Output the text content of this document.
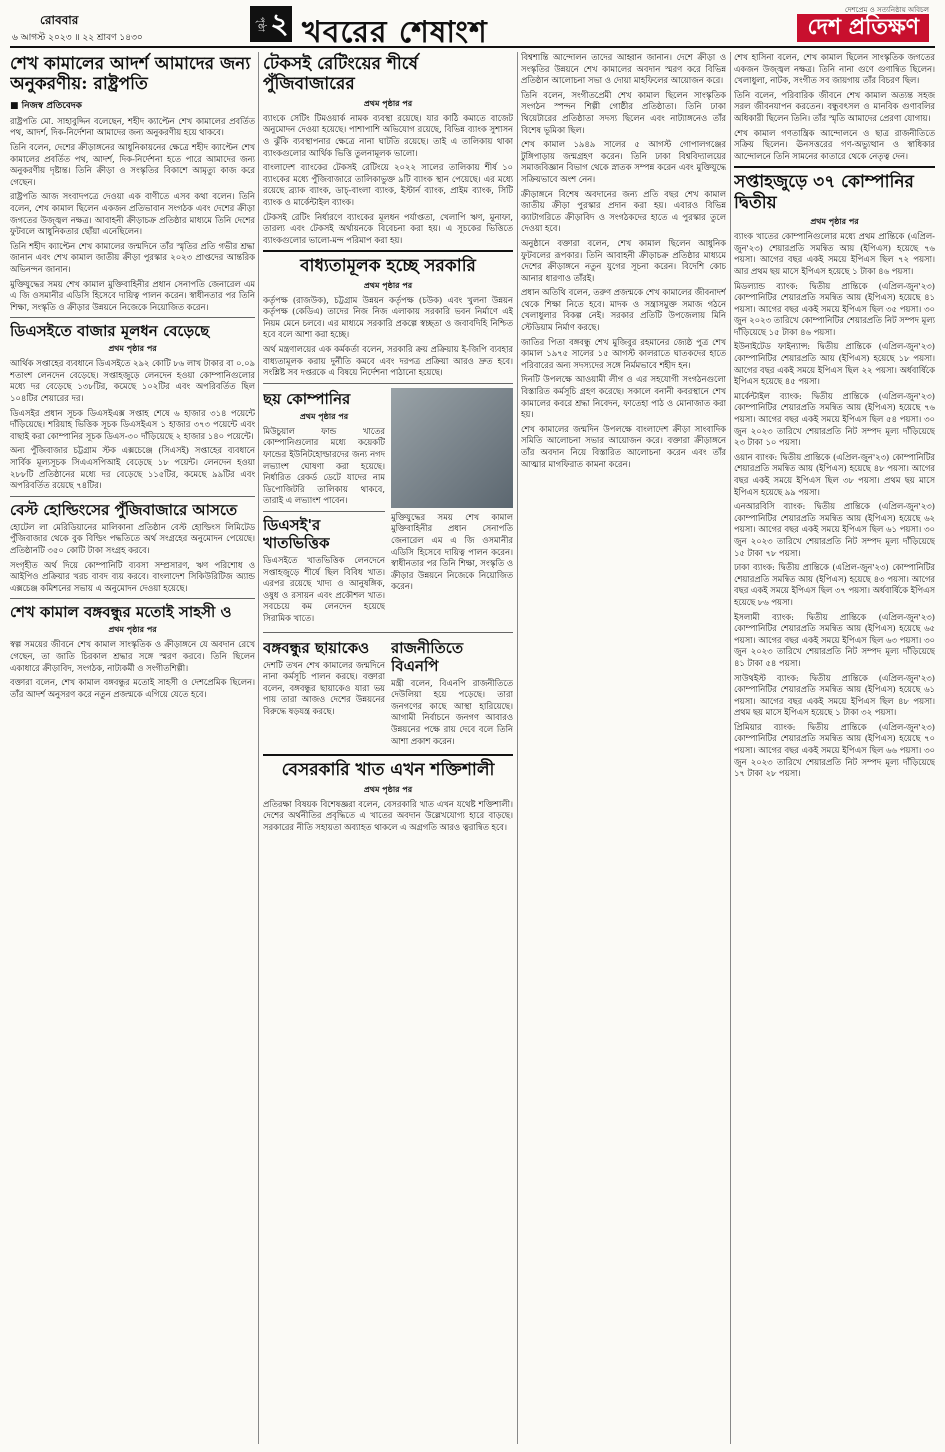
রোববার
৬ আগস্ট ২০২৩ ॥ ২২ শ্রাবণ ১৪৩০
পৃষ্ঠা ২ খবরের শেষাংশ
দেশপ্রেম ও সত্যনিষ্ঠায় অবিচল
দেশ প্রতিক্ষণ
শেখ কামালের আদর্শ আমাদের জন্য অনুকরণীয়: রাষ্ট্রপতি
■ নিজস্ব প্রতিবেদক

রাষ্ট্রপতি মো. সাহাবুদ্দিন বলেছেন, শহীদ ক্যাপ্টেন শেখ কামালের প্রবর্তিত পথ, আদর্শ, দিক-নির্দেশনা আমাদের জন্য অনুকরণীয় হয়ে থাকবে।

তিনি বলেন, দেশের ক্রীড়াঙ্গনের আধুনিকায়নের ক্ষেত্রে শহীদ ক্যাপ্টেন শেখ কামালের প্রবর্তিত পথ, আদর্শ, দিক-নির্দেশনা হতে পারে আমাদের জন্য অনুকরণীয় দৃষ্টান্ত। তিনি ক্রীড়া ও সংস্কৃতির বিকাশে আমৃত্যু কাজ করে গেছেন।

রাষ্ট্রপতি আজ সংবাদপত্রে দেওয়া এক বাণীতে এসব কথা বলেন। তিনি বলেন, শেখ কামাল ছিলেন একজন প্রতিভাবান সংগঠক এবং দেশের ক্রীড়া জগতের উজ্জ্বল নক্ষত্র। আবাহনী ক্রীড়াচক্র প্রতিষ্ঠার মাধ্যমে তিনি দেশের ফুটবলে আধুনিকতার ছোঁয়া এনেছিলেন।

তিনি শহীদ ক্যাপ্টেন শেখ কামালের জন্মদিনে তাঁর স্মৃতির প্রতি গভীর শ্রদ্ধা জানান এবং শেখ কামাল জাতীয় ক্রীড়া পুরস্কার ২০২৩ প্রাপ্তদের আন্তরিক অভিনন্দন জানান।

মুক্তিযুদ্ধের সময় শেখ কামাল মুক্তিবাহিনীর প্রধান সেনাপতি জেনারেল এম এ জি ওসমানীর এডিসি হিসেবে দায়িত্ব পালন করেন। স্বাধীনতার পর তিনি শিক্ষা, সংস্কৃতি ও ক্রীড়ার উন্নয়নে নিজেকে নিয়োজিত করেন।

ডিএসইতে বাজার মূলধন বেড়েছে
প্রথম পৃষ্ঠার পর

আর্থিক সপ্তাহের ব্যবধানে ডিএসইতে ২৯২ কোটি ৮৬ লাখ টাকার বা ০.০৯ শতাংশ লেনদেন বেড়েছে। সপ্তাহজুড়ে লেনদেন হওয়া কোম্পানিগুলোর মধ্যে দর বেড়েছে ১৩৮টির, কমেছে ১০২টির এবং অপরিবর্তিত ছিল ১০৪টির শেয়ারের দর।

ডিএসইর প্রধান সূচক ডিএসইএক্স সপ্তাহ শেষে ৬ হাজার ৩১৪ পয়েন্টে দাঁড়িয়েছে। শরিয়াহ ভিত্তিক সূচক ডিএসইএস ১ হাজার ৩৭৩ পয়েন্টে এবং বাছাই করা কোম্পানির সূচক ডিএস-৩০ দাঁড়িয়েছে ২ হাজার ১৪০ পয়েন্টে।

অন্য পুঁজিবাজার চট্টগ্রাম স্টক এক্সচেঞ্জে (সিএসই) সপ্তাহের ব্যবধানে সার্বিক মূল্যসূচক সিএএসপিআই বেড়েছে ১৮ পয়েন্ট। লেনদেন হওয়া ২৮৮টি প্রতিষ্ঠানের মধ্যে দর বেড়েছে ১১৫টির, কমেছে ৯৯টির এবং অপরিবর্তিত রয়েছে ৭৪টির।

বেস্ট হোল্ডিংসের পুঁজিবাজারে আসতে

হোটেল লা মেরিডিয়ানের মালিকানা প্রতিষ্ঠান বেস্ট হোল্ডিংস লিমিটেড পুঁজিবাজার থেকে বুক বিল্ডিং পদ্ধতিতে অর্থ সংগ্রহের অনুমোদন পেয়েছে। প্রতিষ্ঠানটি ৩৫০ কোটি টাকা সংগ্রহ করবে।

সংগৃহীত অর্থ দিয়ে কোম্পানিটি ব্যবসা সম্প্রসারণ, ঋণ পরিশোধ ও আইপিও প্রক্রিয়ার খরচ বাবদ ব্যয় করবে। বাংলাদেশ সিকিউরিটিজ অ্যান্ড এক্সচেঞ্জ কমিশনের সভায় এ অনুমোদন দেওয়া হয়েছে।

শেখ কামাল বঙ্গবন্ধুর মতোই সাহসী ও
প্রথম পৃষ্ঠার পর

স্বল্প সময়ের জীবনে শেখ কামাল সাংস্কৃতিক ও ক্রীড়াঙ্গনে যে অবদান রেখে গেছেন, তা জাতি চিরকাল শ্রদ্ধার সঙ্গে স্মরণ করবে। তিনি ছিলেন একাধারে ক্রীড়াবিদ, সংগঠক, নাট্যকর্মী ও সংগীতশিল্পী।

বক্তারা বলেন, শেখ কামাল বঙ্গবন্ধুর মতোই সাহসী ও দেশপ্রেমিক ছিলেন। তাঁর আদর্শ অনুসরণ করে নতুন প্রজন্মকে এগিয়ে যেতে হবে।

টেকসই রেটিংয়ের শীর্ষে পুঁজিবাজারের
প্রথম পৃষ্ঠার পর

ব্যাংকে সেটিং টিমওয়ার্ক নামক ব্যবস্থা রয়েছে। যার কাঠি কমাতে বাজেট অনুমোদন দেওয়া হয়েছে। পাশাপাশি অভিযোগ রয়েছে, বিভিন্ন ব্যাংক সুশাসন ও ঝুঁকি ব্যবস্থাপনার ক্ষেত্রে নানা ঘাটতি রয়েছে। তাই এ তালিকায় থাকা ব্যাংকগুলোর আর্থিক ভিত্তি তুলনামূলক ভালো।

বাংলাদেশ ব্যাংকের টেকসই রেটিংয়ে ২০২২ সালের তালিকায় শীর্ষ ১০ ব্যাংকের মধ্যে পুঁজিবাজারে তালিকাভুক্ত ৯টি ব্যাংক স্থান পেয়েছে। এর মধ্যে রয়েছে ব্র্যাক ব্যাংক, ডাচ্-বাংলা ব্যাংক, ইস্টার্ন ব্যাংক, প্রাইম ব্যাংক, সিটি ব্যাংক ও মার্কেন্টাইল ব্যাংক।

টেকসই রেটিং নির্ধারণে ব্যাংকের মূলধন পর্যাপ্ততা, খেলাপি ঋণ, মুনাফা, তারল্য এবং টেকসই অর্থায়নকে বিবেচনা করা হয়। এ সূচকের ভিত্তিতে ব্যাংকগুলোর ভালো-মন্দ পরিমাপ করা হয়।

বাধ্যতামূলক হচ্ছে সরকারি
প্রথম পৃষ্ঠার পর

কর্তৃপক্ষ (রাজউক), চট্টগ্রাম উন্নয়ন কর্তৃপক্ষ (চউক) এবং খুলনা উন্নয়ন কর্তৃপক্ষ (কেডিএ) তাদের নিজ নিজ এলাকায় সরকারি ভবন নির্মাণে এই নিয়ম মেনে চলবে। এর মাধ্যমে সরকারি প্রকল্পে স্বচ্ছতা ও জবাবদিহি নিশ্চিত হবে বলে আশা করা হচ্ছে।

অর্থ মন্ত্রণালয়ের এক কর্মকর্তা বলেন, সরকারি ক্রয় প্রক্রিয়ায় ই-জিপি ব্যবহার বাধ্যতামূলক করায় দুর্নীতি কমবে এবং দরপত্র প্রক্রিয়া আরও দ্রুত হবে। সংশ্লিষ্ট সব দপ্তরকে এ বিষয়ে নির্দেশনা পাঠানো হয়েছে।

ছয় কোম্পানির
প্রথম পৃষ্ঠার পর

মিউচুয়াল ফান্ড খাতের কোম্পানিগুলোর মধ্যে কয়েকটি ফান্ডের ইউনিটহোল্ডারদের জন্য নগদ লভ্যাংশ ঘোষণা করা হয়েছে। নির্ধারিত রেকর্ড ডেটে যাদের নাম ডিপোজিটরি তালিকায় থাকবে, তারাই এ লভ্যাংশ পাবেন।

ডিএসই'র খাতভিত্তিক

ডিএসইতে খাতভিত্তিক লেনদেনে সপ্তাহজুড়ে শীর্ষে ছিল বিবিধ খাত। এরপর রয়েছে খাদ্য ও আনুষঙ্গিক, ওষুধ ও রসায়ন এবং প্রকৌশল খাত। সবচেয়ে কম লেনদেন হয়েছে সিরামিক খাতে।

মুক্তিযুদ্ধের সময় শেখ কামাল মুক্তিবাহিনীর প্রধান সেনাপতি জেনারেল এম এ জি ওসমানীর এডিসি হিসেবে দায়িত্ব পালন করেন। স্বাধীনতার পর তিনি শিক্ষা, সংস্কৃতি ও ক্রীড়ার উন্নয়নে নিজেকে নিয়োজিত করেন।

বঙ্গবন্ধুর ছায়াকেও

দেশটি তখন শেখ কামালের জন্মদিনে নানা কর্মসূচি পালন করছে। বক্তারা বলেন, বঙ্গবন্ধুর ছায়াকেও যারা ভয় পায় তারা আজও দেশের উন্নয়নের বিরুদ্ধে ষড়যন্ত্র করছে।

রাজনীতিতে বিএনপি

মন্ত্রী বলেন, বিএনপি রাজনীতিতে দেউলিয়া হয়ে পড়েছে। তারা জনগণের কাছে আস্থা হারিয়েছে। আগামী নির্বাচনে জনগণ আবারও উন্নয়নের পক্ষে রায় দেবে বলে তিনি আশা প্রকাশ করেন।

বেসরকারি খাত এখন শক্তিশালী
প্রথম পৃষ্ঠার পর

প্রতিরক্ষা বিষয়ক বিশেষজ্ঞরা বলেন, বেসরকারি খাত এখন যথেষ্ট শক্তিশালী। দেশের অর্থনীতির প্রবৃদ্ধিতে এ খাতের অবদান উল্লেখযোগ্য হারে বাড়ছে। সরকারের নীতি সহায়তা অব্যাহত থাকলে এ অগ্রগতি আরও ত্বরান্বিত হবে।

বিশ্বশান্তি আন্দোলন তাদের আহ্বান জানান। দেশে ক্রীড়া ও সংস্কৃতির উন্নয়নে শেখ কামালের অবদান স্মরণ করে বিভিন্ন প্রতিষ্ঠান আলোচনা সভা ও দোয়া মাহফিলের আয়োজন করে।

তিনি বলেন, সংগীতপ্রেমী শেখ কামাল ছিলেন সাংস্কৃতিক সংগঠন স্পন্দন শিল্পী গোষ্ঠীর প্রতিষ্ঠাতা। তিনি ঢাকা থিয়েটারের প্রতিষ্ঠাতা সদস্য ছিলেন এবং নাট্যাঙ্গনেও তাঁর বিশেষ ভূমিকা ছিল।

শেখ কামাল ১৯৪৯ সালের ৫ আগস্ট গোপালগঞ্জের টুঙ্গিপাড়ায় জন্মগ্রহণ করেন। তিনি ঢাকা বিশ্ববিদ্যালয়ের সমাজবিজ্ঞান বিভাগ থেকে স্নাতক সম্পন্ন করেন এবং মুক্তিযুদ্ধে সক্রিয়ভাবে অংশ নেন।

ক্রীড়াঙ্গনে বিশেষ অবদানের জন্য প্রতি বছর শেখ কামাল জাতীয় ক্রীড়া পুরস্কার প্রদান করা হয়। এবারও বিভিন্ন ক্যাটাগরিতে ক্রীড়াবিদ ও সংগঠকদের হাতে এ পুরস্কার তুলে দেওয়া হবে।

অনুষ্ঠানে বক্তারা বলেন, শেখ কামাল ছিলেন আধুনিক ফুটবলের রূপকার। তিনি আবাহনী ক্রীড়াচক্র প্রতিষ্ঠার মাধ্যমে দেশের ক্রীড়াঙ্গনে নতুন যুগের সূচনা করেন। বিদেশি কোচ আনার ধারণাও তাঁরই।

প্রধান অতিথি বলেন, তরুণ প্রজন্মকে শেখ কামালের জীবনাদর্শ থেকে শিক্ষা নিতে হবে। মাদক ও সন্ত্রাসমুক্ত সমাজ গঠনে খেলাধুলার বিকল্প নেই। সরকার প্রতিটি উপজেলায় মিনি স্টেডিয়াম নির্মাণ করছে।

জাতির পিতা বঙ্গবন্ধু শেখ মুজিবুর রহমানের জ্যেষ্ঠ পুত্র শেখ কামাল ১৯৭৫ সালের ১৫ আগস্ট কালরাতে ঘাতকদের হাতে পরিবারের অন্য সদস্যদের সঙ্গে নির্মমভাবে শহীদ হন।

দিনটি উপলক্ষে আওয়ামী লীগ ও এর সহযোগী সংগঠনগুলো বিস্তারিত কর্মসূচি গ্রহণ করেছে। সকালে বনানী কবরস্থানে শেখ কামালের কবরে শ্রদ্ধা নিবেদন, ফাতেহা পাঠ ও মোনাজাত করা হয়।

শেখ কামালের জন্মদিন উপলক্ষে বাংলাদেশ ক্রীড়া সাংবাদিক সমিতি আলোচনা সভার আয়োজন করে। বক্তারা ক্রীড়াঙ্গনে তাঁর অবদান নিয়ে বিস্তারিত আলোচনা করেন এবং তাঁর আত্মার মাগফিরাত কামনা করেন।

শেখ হাসিনা বলেন, শেখ কামাল ছিলেন সাংস্কৃতিক জগতের একজন উজ্জ্বল নক্ষত্র। তিনি নানা গুণে গুণান্বিত ছিলেন। খেলাধুলা, নাটক, সংগীত সব জায়গায় তাঁর বিচরণ ছিল।

তিনি বলেন, পরিবারিক জীবনে শেখ কামাল অত্যন্ত সহজ সরল জীবনযাপন করতেন। বন্ধুবৎসল ও মানবিক গুণাবলির অধিকারী ছিলেন তিনি। তাঁর স্মৃতি আমাদের প্রেরণা যোগায়।

শেখ কামাল গণতান্ত্রিক আন্দোলনে ও ছাত্র রাজনীতিতে সক্রিয় ছিলেন। ঊনসত্তরের গণ-অভ্যুত্থান ও স্বাধিকার আন্দোলনে তিনি সামনের কাতারে থেকে নেতৃত্ব দেন।

সপ্তাহজুড়ে ৩৭ কোম্পানির দ্বিতীয়
প্রথম পৃষ্ঠার পর

ব্যাংক খাতের কোম্পানিগুলোর মধ্যে প্রথম প্রান্তিকে (এপ্রিল-জুন'২৩) শেয়ারপ্রতি সমন্বিত আয় (ইপিএস) হয়েছে ৭৬ পয়সা। আগের বছর একই সময়ে ইপিএস ছিল ৭২ পয়সা। আর প্রথম ছয় মাসে ইপিএস হয়েছে ১ টাকা ৪৬ পয়সা।

মিডল্যান্ড ব্যাংক: দ্বিতীয় প্রান্তিকে (এপ্রিল-জুন'২৩) কোম্পানিটির শেয়ারপ্রতি সমন্বিত আয় (ইপিএস) হয়েছে ৪১ পয়সা। আগের বছর একই সময়ে ইপিএস ছিল ৩৫ পয়সা। ৩০ জুন ২০২৩ তারিখে কোম্পানিটির শেয়ারপ্রতি নিট সম্পদ মূল্য দাঁড়িয়েছে ১৫ টাকা ৪৬ পয়সা।

ইউনাইটেড ফাইন্যান্স: দ্বিতীয় প্রান্তিকে (এপ্রিল-জুন'২৩) কোম্পানিটির শেয়ারপ্রতি আয় (ইপিএস) হয়েছে ১৮ পয়সা। আগের বছর একই সময়ে ইপিএস ছিল ২২ পয়সা। অর্ধবার্ষিকে ইপিএস হয়েছে ৪৫ পয়সা।

মার্কেন্টাইল ব্যাংক: দ্বিতীয় প্রান্তিকে (এপ্রিল-জুন'২৩) কোম্পানিটির শেয়ারপ্রতি সমন্বিত আয় (ইপিএস) হয়েছে ৭৬ পয়সা। আগের বছর একই সময়ে ইপিএস ছিল ৫৪ পয়সা। ৩০ জুন ২০২৩ তারিখে শেয়ারপ্রতি নিট সম্পদ মূল্য দাঁড়িয়েছে ২৩ টাকা ১০ পয়সা।

ওয়ান ব্যাংক: দ্বিতীয় প্রান্তিকে (এপ্রিল-জুন'২৩) কোম্পানিটির শেয়ারপ্রতি সমন্বিত আয় (ইপিএস) হয়েছে ৪৮ পয়সা। আগের বছর একই সময়ে ইপিএস ছিল ৩৮ পয়সা। প্রথম ছয় মাসে ইপিএস হয়েছে ৯৯ পয়সা।

এনআরবিসি ব্যাংক: দ্বিতীয় প্রান্তিকে (এপ্রিল-জুন'২৩) কোম্পানিটির শেয়ারপ্রতি সমন্বিত আয় (ইপিএস) হয়েছে ৬২ পয়সা। আগের বছর একই সময়ে ইপিএস ছিল ৬১ পয়সা। ৩০ জুন ২০২৩ তারিখে শেয়ারপ্রতি নিট সম্পদ মূল্য দাঁড়িয়েছে ১৫ টাকা ৭৮ পয়সা।

ঢাকা ব্যাংক: দ্বিতীয় প্রান্তিকে (এপ্রিল-জুন'২৩) কোম্পানিটির শেয়ারপ্রতি সমন্বিত আয় (ইপিএস) হয়েছে ৪৩ পয়সা। আগের বছর একই সময়ে ইপিএস ছিল ৩৭ পয়সা। অর্ধবার্ষিকে ইপিএস হয়েছে ৮৬ পয়সা।

ইসলামী ব্যাংক: দ্বিতীয় প্রান্তিকে (এপ্রিল-জুন'২৩) কোম্পানিটির শেয়ারপ্রতি সমন্বিত আয় (ইপিএস) হয়েছে ৬৫ পয়সা। আগের বছর একই সময়ে ইপিএস ছিল ৬৩ পয়সা। ৩০ জুন ২০২৩ তারিখে শেয়ারপ্রতি নিট সম্পদ মূল্য দাঁড়িয়েছে ৪১ টাকা ৫৪ পয়সা।

সাউথইস্ট ব্যাংক: দ্বিতীয় প্রান্তিকে (এপ্রিল-জুন'২৩) কোম্পানিটির শেয়ারপ্রতি সমন্বিত আয় (ইপিএস) হয়েছে ৬১ পয়সা। আগের বছর একই সময়ে ইপিএস ছিল ৪৮ পয়সা। প্রথম ছয় মাসে ইপিএস হয়েছে ১ টাকা ৩২ পয়সা।

প্রিমিয়ার ব্যাংক: দ্বিতীয় প্রান্তিকে (এপ্রিল-জুন'২৩) কোম্পানিটির শেয়ারপ্রতি সমন্বিত আয় (ইপিএস) হয়েছে ৭০ পয়সা। আগের বছর একই সময়ে ইপিএস ছিল ৬৬ পয়সা। ৩০ জুন ২০২৩ তারিখে শেয়ারপ্রতি নিট সম্পদ মূল্য দাঁড়িয়েছে ১৭ টাকা ২৮ পয়সা।
